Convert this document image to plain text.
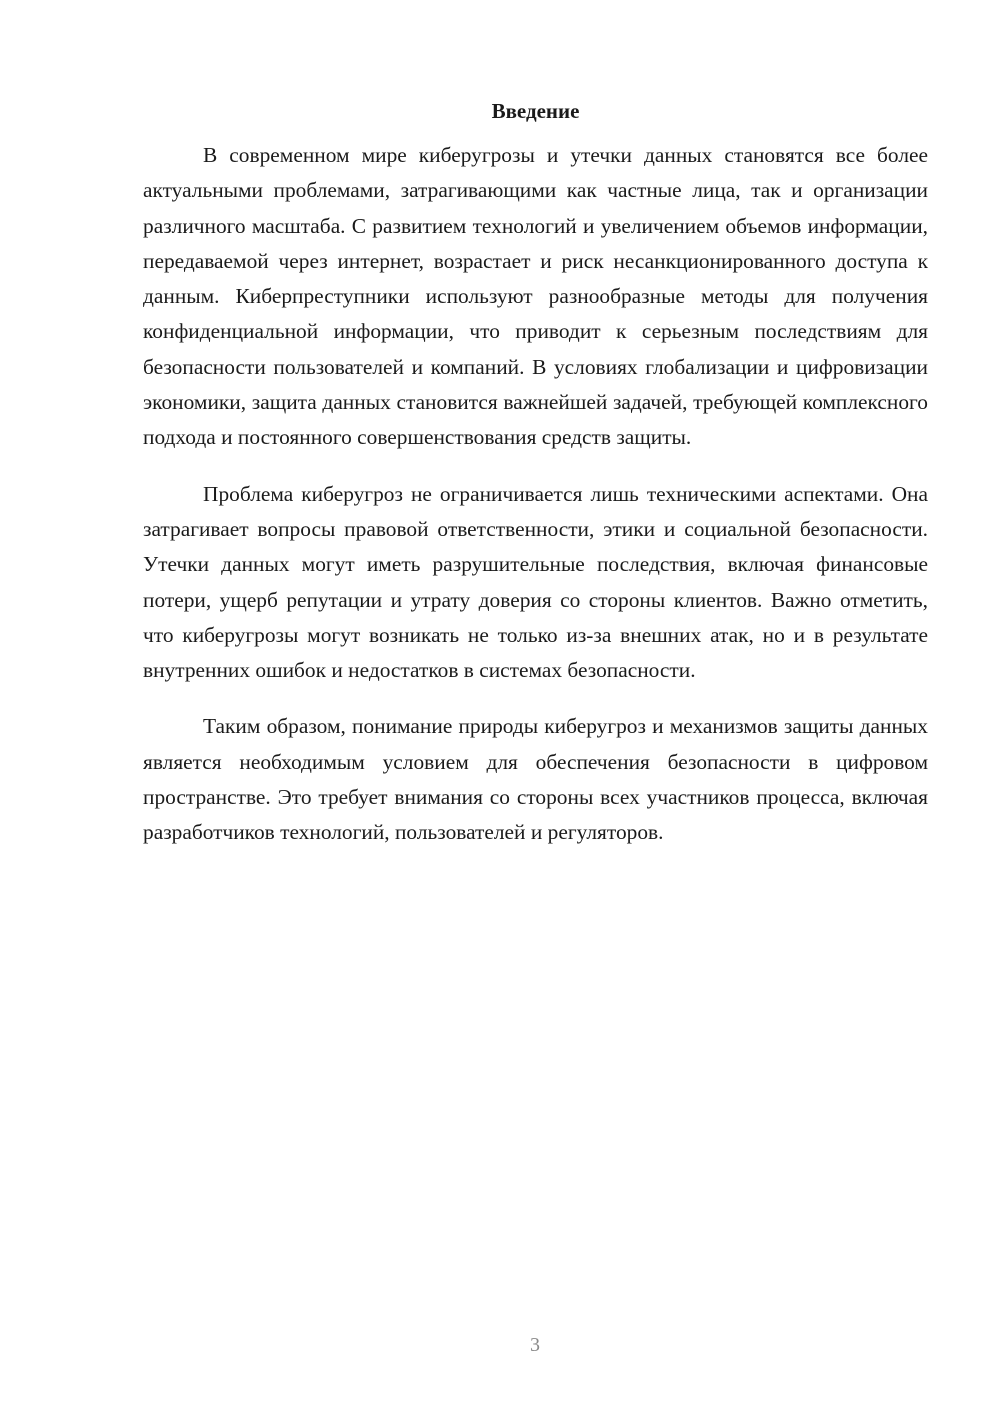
Введение

В современном мире киберугрозы и утечки данных становятся все более актуальными проблемами, затрагивающими как частные лица, так и организации различного масштаба. С развитием технологий и увеличением объемов информации, передаваемой через интернет, возрастает и риск несанкционированного доступа к данным. Киберпреступники используют разнообразные методы для получения конфиденциальной информации, что приводит к серьезным последствиям для безопасности пользователей и компаний. В условиях глобализации и цифровизации экономики, защита данных становится важнейшей задачей, требующей комплексного подхода и постоянного совершенствования средств защиты.

Проблема киберугроз не ограничивается лишь техническими аспектами. Она затрагивает вопросы правовой ответственности, этики и социальной безопасности. Утечки данных могут иметь разрушительные последствия, включая финансовые потери, ущерб репутации и утрату доверия со стороны клиентов. Важно отметить, что киберугрозы могут возникать не только из-за внешних атак, но и в результате внутренних ошибок и недостатков в системах безопасности.

Таким образом, понимание природы киберугроз и механизмов защиты данных является необходимым условием для обеспечения безопасности в цифровом пространстве. Это требует внимания со стороны всех участников процесса, включая разработчиков технологий, пользователей и регуляторов.

3
